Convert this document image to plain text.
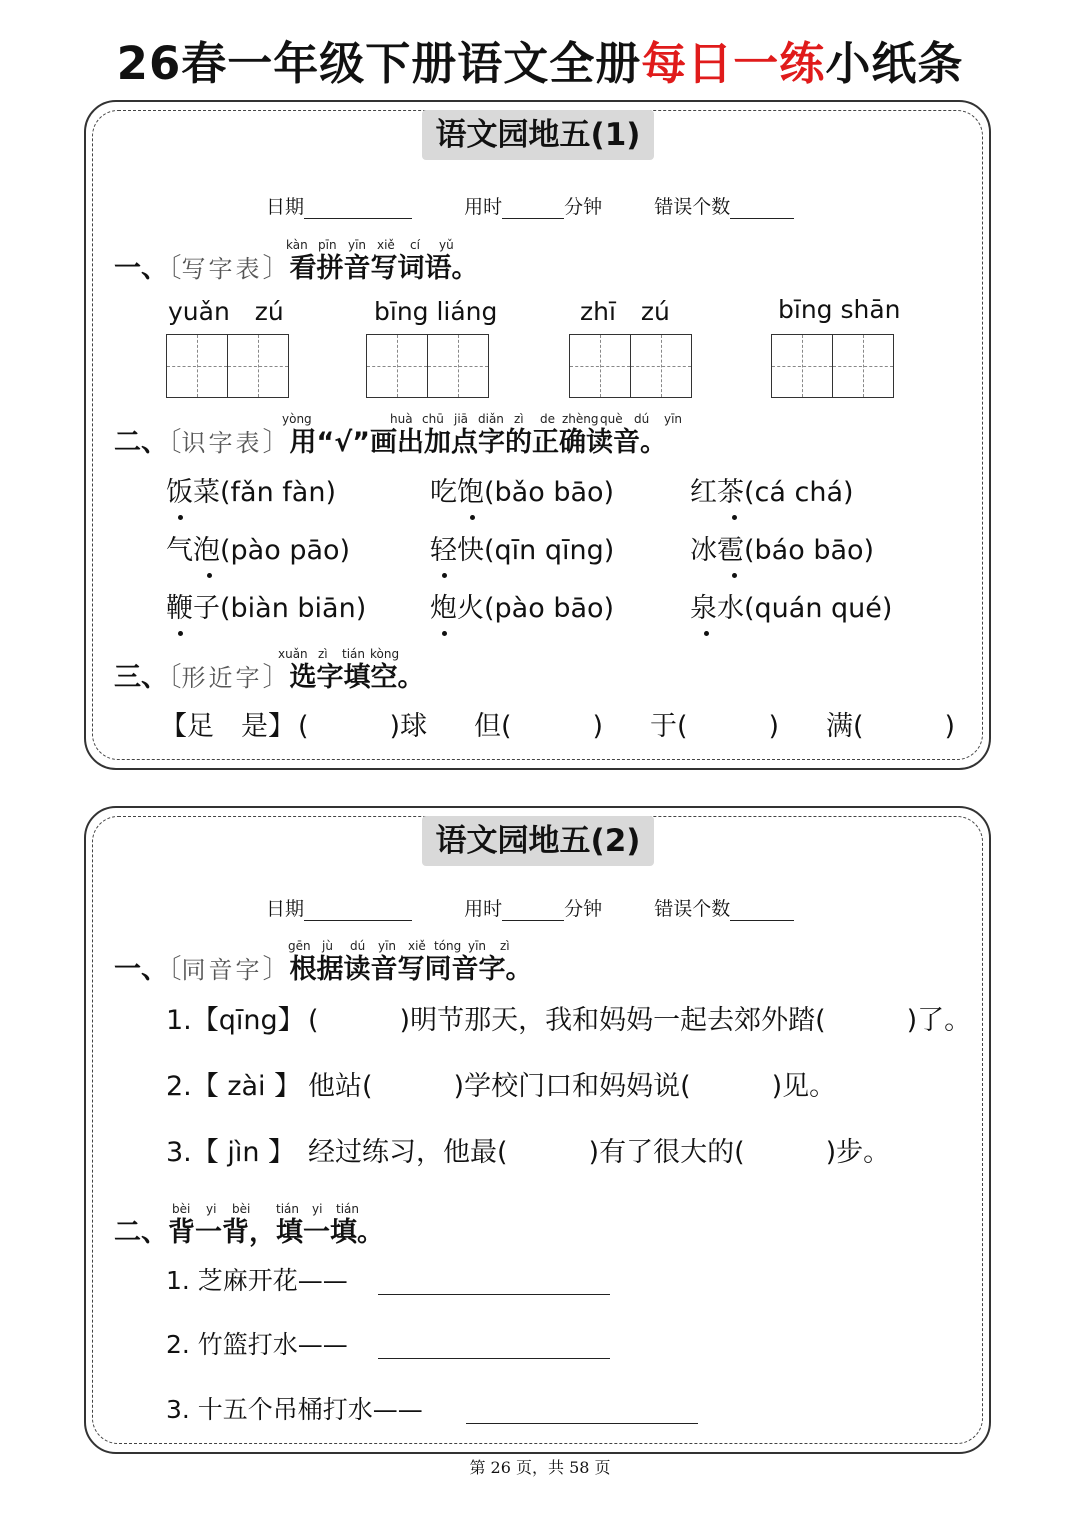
26春一年级下册语文全册每日一练小纸条
语文园地五(1)
日期	用时	分钟	错误个数
kàn pīn yīn xiě cí yǔ
一、〔写字表〕看拼音写词语。
yuǎn　zú	bīng liáng	zhī　zú	bīng shān
yòng	huà chū jiā diǎn zì de zhèng què dú yīn
二、〔识字表〕用“√”画出加点字的正确读音。
饭菜(fǎn fàn)	吃饱(bǎo bāo)	红茶(cá chá)
气泡(pào pāo)	轻快(qīn qīng)	冰雹(báo bāo)
鞭子(biàn biān) 炮火(pào bāo)	泉水(quán qué)
xuǎn zì tián kòng
三、〔形近字〕选字填空。
【足　是】 (　　　)球 但(　　　) 于(　　　) 满(　　　)
语文园地五(2)
日期	用时	分钟	错误个数
gēn jù dú yīn xiě tóng yīn zì
一、〔同音字〕根据读音写同音字。
1.【qīng】 (　　　)明节那天，我和妈妈一起去郊外踏(　　　)了。
2.【 zài 】 他站(　　　)学校门口和妈妈说(　　　)见。
3.【 jìn 】 经过练习，他最(　　　)有了很大的(　　　)步。
bèi yi bèi tián yi tián
二、背一背，填一填。
1. 芝麻开花——
2. 竹篮打水——
3. 十五个吊桶打水——
第 26 页，共 58 页
